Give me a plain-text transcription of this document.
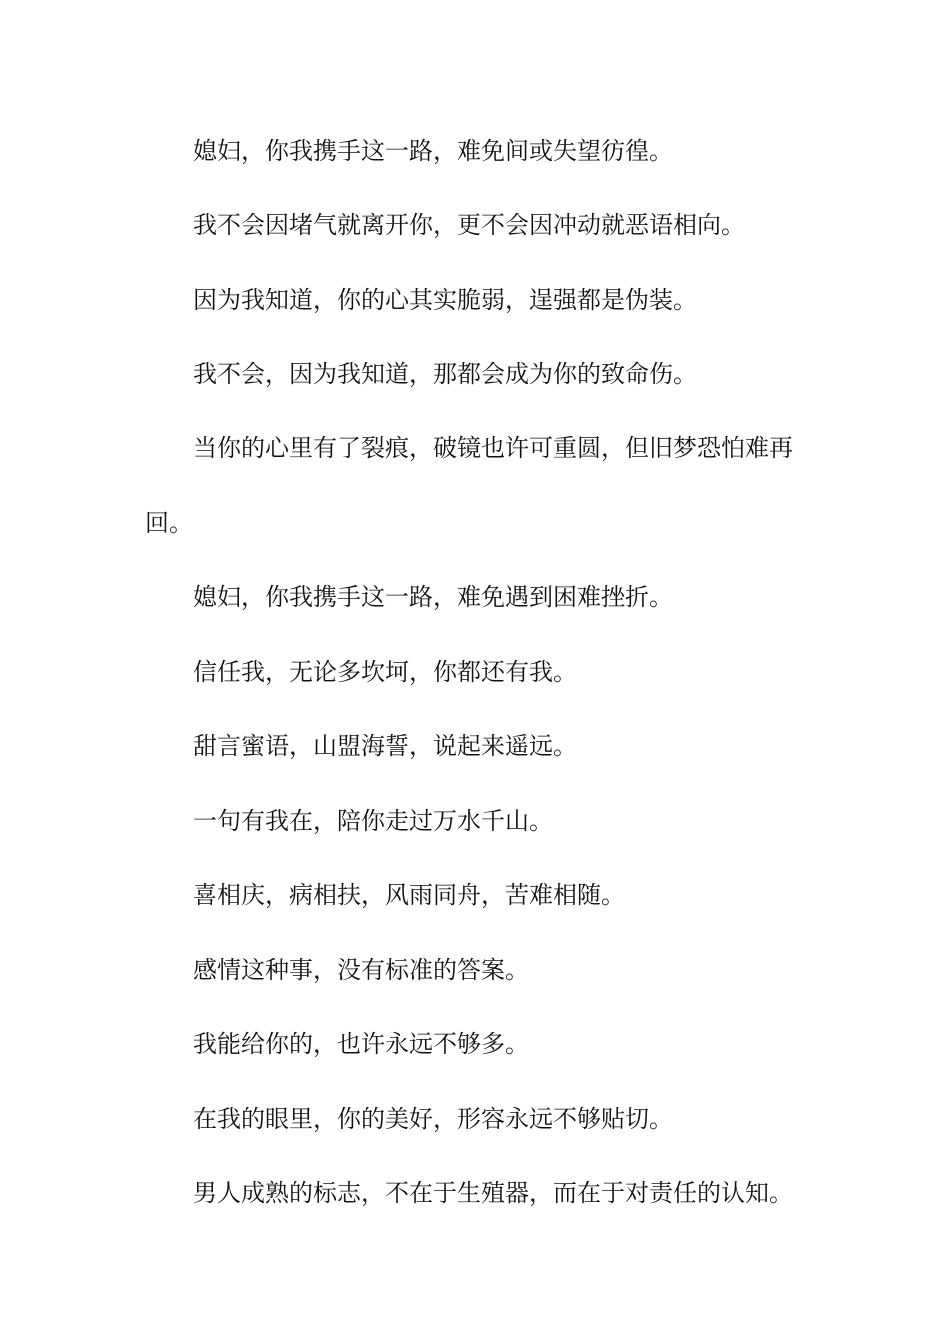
媳妇，你我携手这一路，难免间或失望彷徨。

我不会因堵气就离开你，更不会因冲动就恶语相向。

因为我知道，你的心其实脆弱，逞强都是伪装。

我不会，因为我知道，那都会成为你的致命伤。

当你的心里有了裂痕，破镜也许可重圆，但旧梦恐怕难再回。

媳妇，你我携手这一路，难免遇到困难挫折。

信任我，无论多坎坷，你都还有我。

甜言蜜语，山盟海誓，说起来遥远。

一句有我在，陪你走过万水千山。

喜相庆，病相扶，风雨同舟，苦难相随。

感情这种事，没有标准的答案。

我能给你的，也许永远不够多。

在我的眼里，你的美好，形容永远不够贴切。

男人成熟的标志，不在于生殖器，而在于对责任的认知。
